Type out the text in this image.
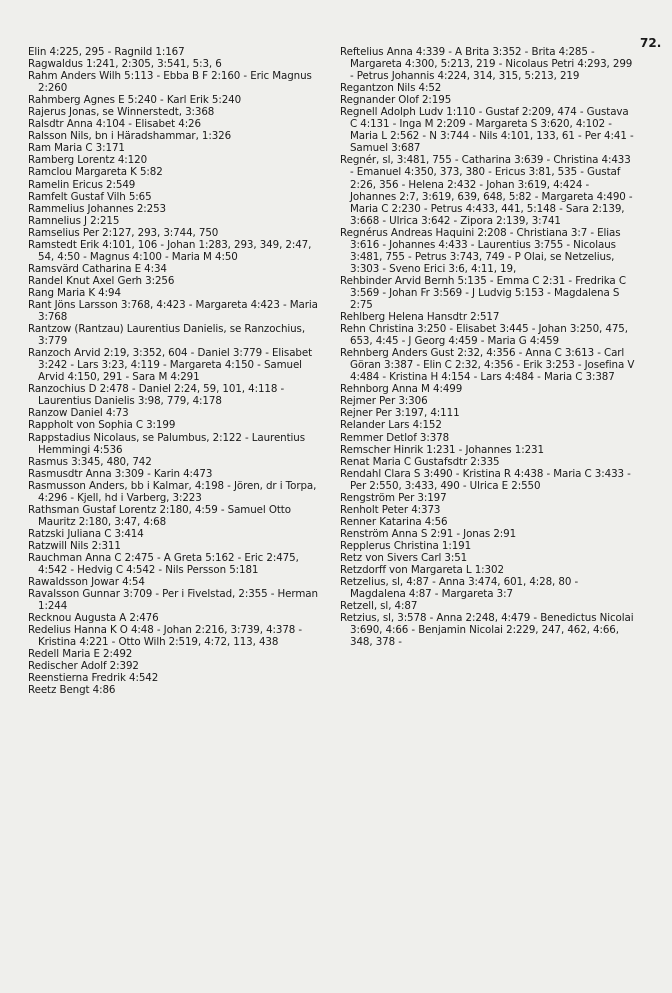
72.

Elin 4:225, 295 - Ragnild 1:167

Ragwaldus 1:241, 2:305, 3:541, 5:3, 6

Rahm Anders Wilh 5:113 - Ebba B F 2:160 - Eric Magnus 2:260

Rahmberg Agnes E 5:240 - Karl Erik 5:240

Rajerus Jonas, se Winnerstedt, 3:368

Ralsdtr Anna 4:104 - Elisabet 4:26

Ralsson Nils, bn i Häradshammar, 1:326

Ram Maria C 3:171

Ramberg Lorentz 4:120

Ramclou Margareta K 5:82

Ramelin Ericus 2:549

Ramfelt Gustaf Vilh 5:65

Rammelius Johannes 2:253

Ramnelius J 2:215

Ramselius Per 2:127, 293, 3:744, 750

Ramstedt Erik 4:101, 106 - Johan 1:283, 293, 349, 2:47, 54, 4:50 - Magnus 4:100 - Maria M 4:50

Ramsvärd Catharina E 4:34

Randel Knut Axel Gerh 3:256

Rang Maria K 4:94

Rant Jöns Larsson 3:768, 4:423 - Margareta 4:423 - Maria 3:768

Rantzow (Rantzau) Laurentius Danielis, se Ranzochius, 3:779

Ranzoch Arvid 2:19, 3:352, 604 - Daniel 3:779 - Elisabet 3:242 - Lars 3:23, 4:119 - Margareta 4:150 - Samuel Arvid 4:150, 291 - Sara M 4:291

Ranzochius D 2:478 - Daniel 2:24, 59, 101, 4:118 - Laurentius Danielis 3:98, 779, 4:178

Ranzow Daniel 4:73

Rappholt von Sophia C 3:199

Rappstadius Nicolaus, se Palumbus, 2:122 - Laurentius Hemmingi 4:536

Rasmus 3:345, 480, 742

Rasmusdtr Anna 3:309 - Karin 4:473

Rasmusson Anders, bb i Kalmar, 4:198 - Jören, dr i Torpa, 4:296 - Kjell, hd i Varberg, 3:223

Rathsman Gustaf Lorentz 2:180, 4:59 - Samuel Otto Mauritz 2:180, 3:47, 4:68

Ratzski Juliana C 3:414

Ratzwill Nils 2:311

Rauchman Anna C 2:475 - A Greta 5:162 - Eric 2:475, 4:542 - Hedvig C 4:542 - Nils Persson 5:181

Rawaldsson Jowar 4:54

Ravalsson Gunnar 3:709 - Per i Fivelstad, 2:355 - Herman 1:244

Recknou Augusta A 2:476

Redelius Hanna K O 4:48 - Johan 2:216, 3:739, 4:378 - Kristina 4:221 - Otto Wilh 2:519, 4:72, 113, 438

Redell Maria E 2:492

Redischer Adolf 2:392

Reenstierna Fredrik 4:542

Reetz Bengt 4:86

Reftelius Anna 4:339 - A Brita 3:352 - Brita 4:285 - Margareta 4:300, 5:213, 219 - Nicolaus Petri 4:293, 299 - Petrus Johannis 4:224, 314, 315, 5:213, 219

Regantzon Nils 4:52

Regnander Olof 2:195

Regnell Adolph Ludv 1:110 - Gustaf 2:209, 474 - Gustava C 4:131 - Inga M 2:209 - Margareta S 3:620, 4:102 - Maria L 2:562 - N 3:744 - Nils 4:101, 133, 61 - Per 4:41 - Samuel 3:687

Regnér, sl, 3:481, 755 - Catharina 3:639 - Christina 4:433 - Emanuel 4:350, 373, 380 - Ericus 3:81, 535 - Gustaf 2:26, 356 - Helena 2:432 - Johan 3:619, 4:424 - Johannes 2:7, 3:619, 639, 648, 5:82 - Margareta 4:490 - Maria C 2:230 - Petrus 4:433, 441, 5:148 - Sara 2:139, 3:668 - Ulrica 3:642 - Zipora 2:139, 3:741

Regnérus Andreas Haquini 2:208 - Christiana 3:7 - Elias 3:616 - Johannes 4:433 - Laurentius 3:755 - Nicolaus 3:481, 755 - Petrus 3:743, 749 - P Olai, se Netzelius, 3:303 - Sveno Erici 3:6, 4:11, 19,

Rehbinder Arvid Bernh 5:135 - Emma C 2:31 - Fredrika C 3:569 - Johan Fr 3:569 - J Ludvig 5:153 - Magdalena S 2:75

Rehlberg Helena Hansdtr 2:517

Rehn Christina 3:250 - Elisabet 3:445 - Johan 3:250, 475, 653, 4:45 - J Georg 4:459 - Maria G 4:459

Rehnberg Anders Gust 2:32, 4:356 - Anna C 3:613 - Carl Göran 3:387 - Elin C 2:32, 4:356 - Erik 3:253 - Josefina V 4:484 - Kristina H 4:154 - Lars 4:484 - Maria C 3:387

Rehnborg Anna M 4:499

Rejmer Per 3:306

Rejner Per 3:197, 4:111

Relander Lars 4:152

Remmer Detlof 3:378

Remscher Hinrik 1:231 - Johannes 1:231

Renat Maria C Gustafsdtr 2:335

Rendahl Clara S 3:490 - Kristina R 4:438 - Maria C 3:433 - Per 2:550, 3:433, 490 - Ulrica E 2:550

Rengström Per 3:197

Renholt Peter 4:373

Renner Katarina 4:56

Renström Anna S 2:91 - Jonas 2:91

Repplerus Christina 1:191

Retz von Sivers Carl 3:51

Retzdorff von Margareta L 1:302

Retzelius, sl, 4:87 - Anna 3:474, 601, 4:28, 80 - Magdalena 4:87 - Margareta 3:7

Retzell, sl, 4:87

Retzius, sl, 3:578 - Anna 2:248, 4:479 - Benedictus Nicolai 3:690, 4:66 - Benjamin Nicolai 2:229, 247, 462, 4:66, 348, 378 -
